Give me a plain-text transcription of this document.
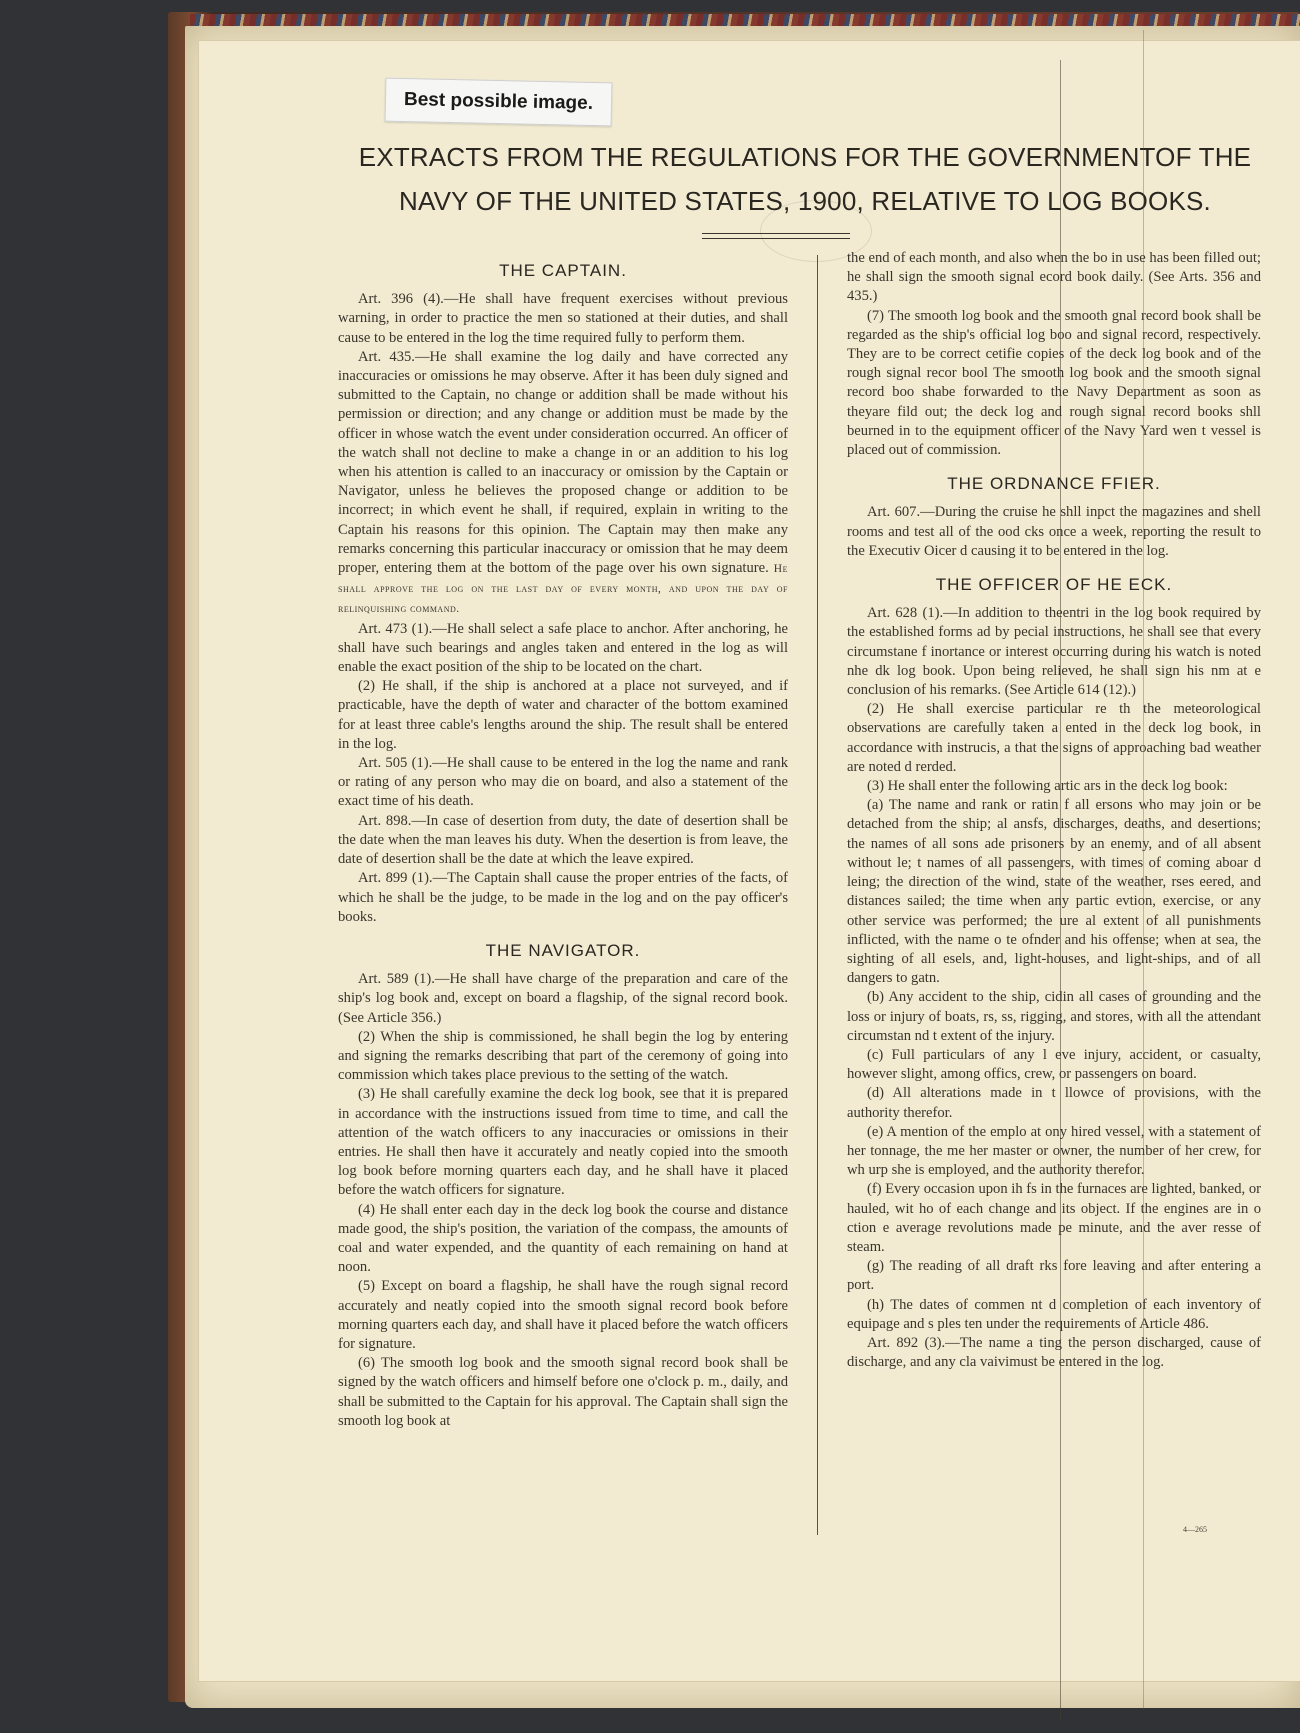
Best possible image.
EXTRACTS FROM THE REGULATIONS FOR THE GOVERNMENTOF THE
NAVY OF THE UNITED STATES, 1900, RELATIVE TO LOG BOOKS.
THE CAPTAIN.

Art. 396 (4).—He shall have frequent exercises without previous warning, in order to practice the men so stationed at their duties, and shall cause to be entered in the log the time required fully to perform them.

Art. 435.—He shall examine the log daily and have corrected any inaccuracies or omissions he may observe. After it has been duly signed and submitted to the Captain, no change or addition shall be made without his permission or direction; and any change or addition must be made by the officer in whose watch the event under consideration occurred. An officer of the watch shall not decline to make a change in or an addition to his log when his attention is called to an inaccuracy or omission by the Captain or Navigator, unless he believes the proposed change or addition to be incorrect; in which event he shall, if required, explain in writing to the Captain his reasons for this opinion. The Captain may then make any remarks concerning this particular inaccuracy or omission that he may deem proper, entering them at the bottom of the page over his own signature. He shall approve the log on the last day of every month, and upon the day of relinquishing command.

Art. 473 (1).—He shall select a safe place to anchor. After anchoring, he shall have such bearings and angles taken and entered in the log as will enable the exact position of the ship to be located on the chart.

(2) He shall, if the ship is anchored at a place not surveyed, and if practicable, have the depth of water and character of the bottom examined for at least three cable's lengths around the ship. The result shall be entered in the log.

Art. 505 (1).—He shall cause to be entered in the log the name and rank or rating of any person who may die on board, and also a statement of the exact time of his death.

Art. 898.—In case of desertion from duty, the date of desertion shall be the date when the man leaves his duty. When the desertion is from leave, the date of desertion shall be the date at which the leave expired.

Art. 899 (1).—The Captain shall cause the proper entries of the facts, of which he shall be the judge, to be made in the log and on the pay officer's books.

THE NAVIGATOR.

Art. 589 (1).—He shall have charge of the preparation and care of the ship's log book and, except on board a flagship, of the signal record book. (See Article 356.)

(2) When the ship is commissioned, he shall begin the log by entering and signing the remarks describing that part of the ceremony of going into commission which takes place previous to the setting of the watch.

(3) He shall carefully examine the deck log book, see that it is prepared in accordance with the instructions issued from time to time, and call the attention of the watch officers to any inaccuracies or omissions in their entries. He shall then have it accurately and neatly copied into the smooth log book before morning quarters each day, and he shall have it placed before the watch officers for signature.

(4) He shall enter each day in the deck log book the course and distance made good, the ship's position, the variation of the compass, the amounts of coal and water expended, and the quantity of each remaining on hand at noon.

(5) Except on board a flagship, he shall have the rough signal record accurately and neatly copied into the smooth signal record book before morning quarters each day, and shall have it placed before the watch officers for signature.

(6) The smooth log book and the smooth signal record book shall be signed by the watch officers and himself before one o'clock p. m., daily, and shall be submitted to the Captain for his approval. The Captain shall sign the smooth log book at

the end of each month, and also when the bo in use has been filled out; he shall sign the smooth signal ecord book daily. (See Arts. 356 and 435.)

(7) The smooth log book and the smooth gnal record book shall be regarded as the ship's official log boo and signal record, respectively. They are to be correct cetifie copies of the deck log book and of the rough signal recor bool The smooth log book and the smooth signal record boo shabe forwarded to the Navy Department as soon as theyare fild out; the deck log and rough signal record books shll beurned in to the equipment officer of the Navy Yard wen t vessel is placed out of commission.

THE ORDNANCE FFIER.

Art. 607.—During the cruise he shll inpct the magazines and shell rooms and test all of the ood cks once a week, reporting the result to the Executiv Oicer d causing it to be entered in the log.

THE OFFICER OF HE ECK.

Art. 628 (1).—In addition to theentri in the log book required by the established forms ad by pecial instructions, he shall see that every circumstane f inortance or interest occurring during his watch is noted nhe dk log book. Upon being relieved, he shall sign his nm at e conclusion of his remarks. (See Article 614 (12).)

(2) He shall exercise particular re th the meteorological observations are carefully taken a ented in the deck log book, in accordance with instrucis, a that the signs of approaching bad weather are noted d rerded.

(3) He shall enter the following artic ars in the deck log book:

(a) The name and rank or ratin f all ersons who may join or be detached from the ship; al ansfs, discharges, deaths, and desertions; the names of all sons ade prisoners by an enemy, and of all absent without le; t names of all passengers, with times of coming aboar d leing; the direction of the wind, state of the weather, rses eered, and distances sailed; the time when any partic evtion, exercise, or any other service was performed; the ure al extent of all punishments inflicted, with the name o te ofnder and his offense; when at sea, the sighting of all esels, and, light-houses, and light-ships, and of all dangers to gatn.

(b) Any accident to the ship, cidin all cases of grounding and the loss or injury of boats, rs, ss, rigging, and stores, with all the attendant circumstan nd t extent of the injury.

(c) Full particulars of any l eve injury, accident, or casualty, however slight, among offics, crew, or passengers on board.

(d) All alterations made in t llowce of provisions, with the authority therefor.

(e) A mention of the emplo at ony hired vessel, with a statement of her tonnage, the me her master or owner, the number of her crew, for wh urp she is employed, and the authority therefor.

(f) Every occasion upon ih fs in the furnaces are lighted, banked, or hauled, wit ho of each change and its object. If the engines are in o ction e average revolutions made pe minute, and the aver resse of steam.

(g) The reading of all draft rks fore leaving and after entering a port.

(h) The dates of commen nt d completion of each inventory of equipage and s ples ten under the requirements of Article 486.

Art. 892 (3).—The name a ting the person discharged, cause of discharge, and any cla vaivimust be entered in the log.

4—265
